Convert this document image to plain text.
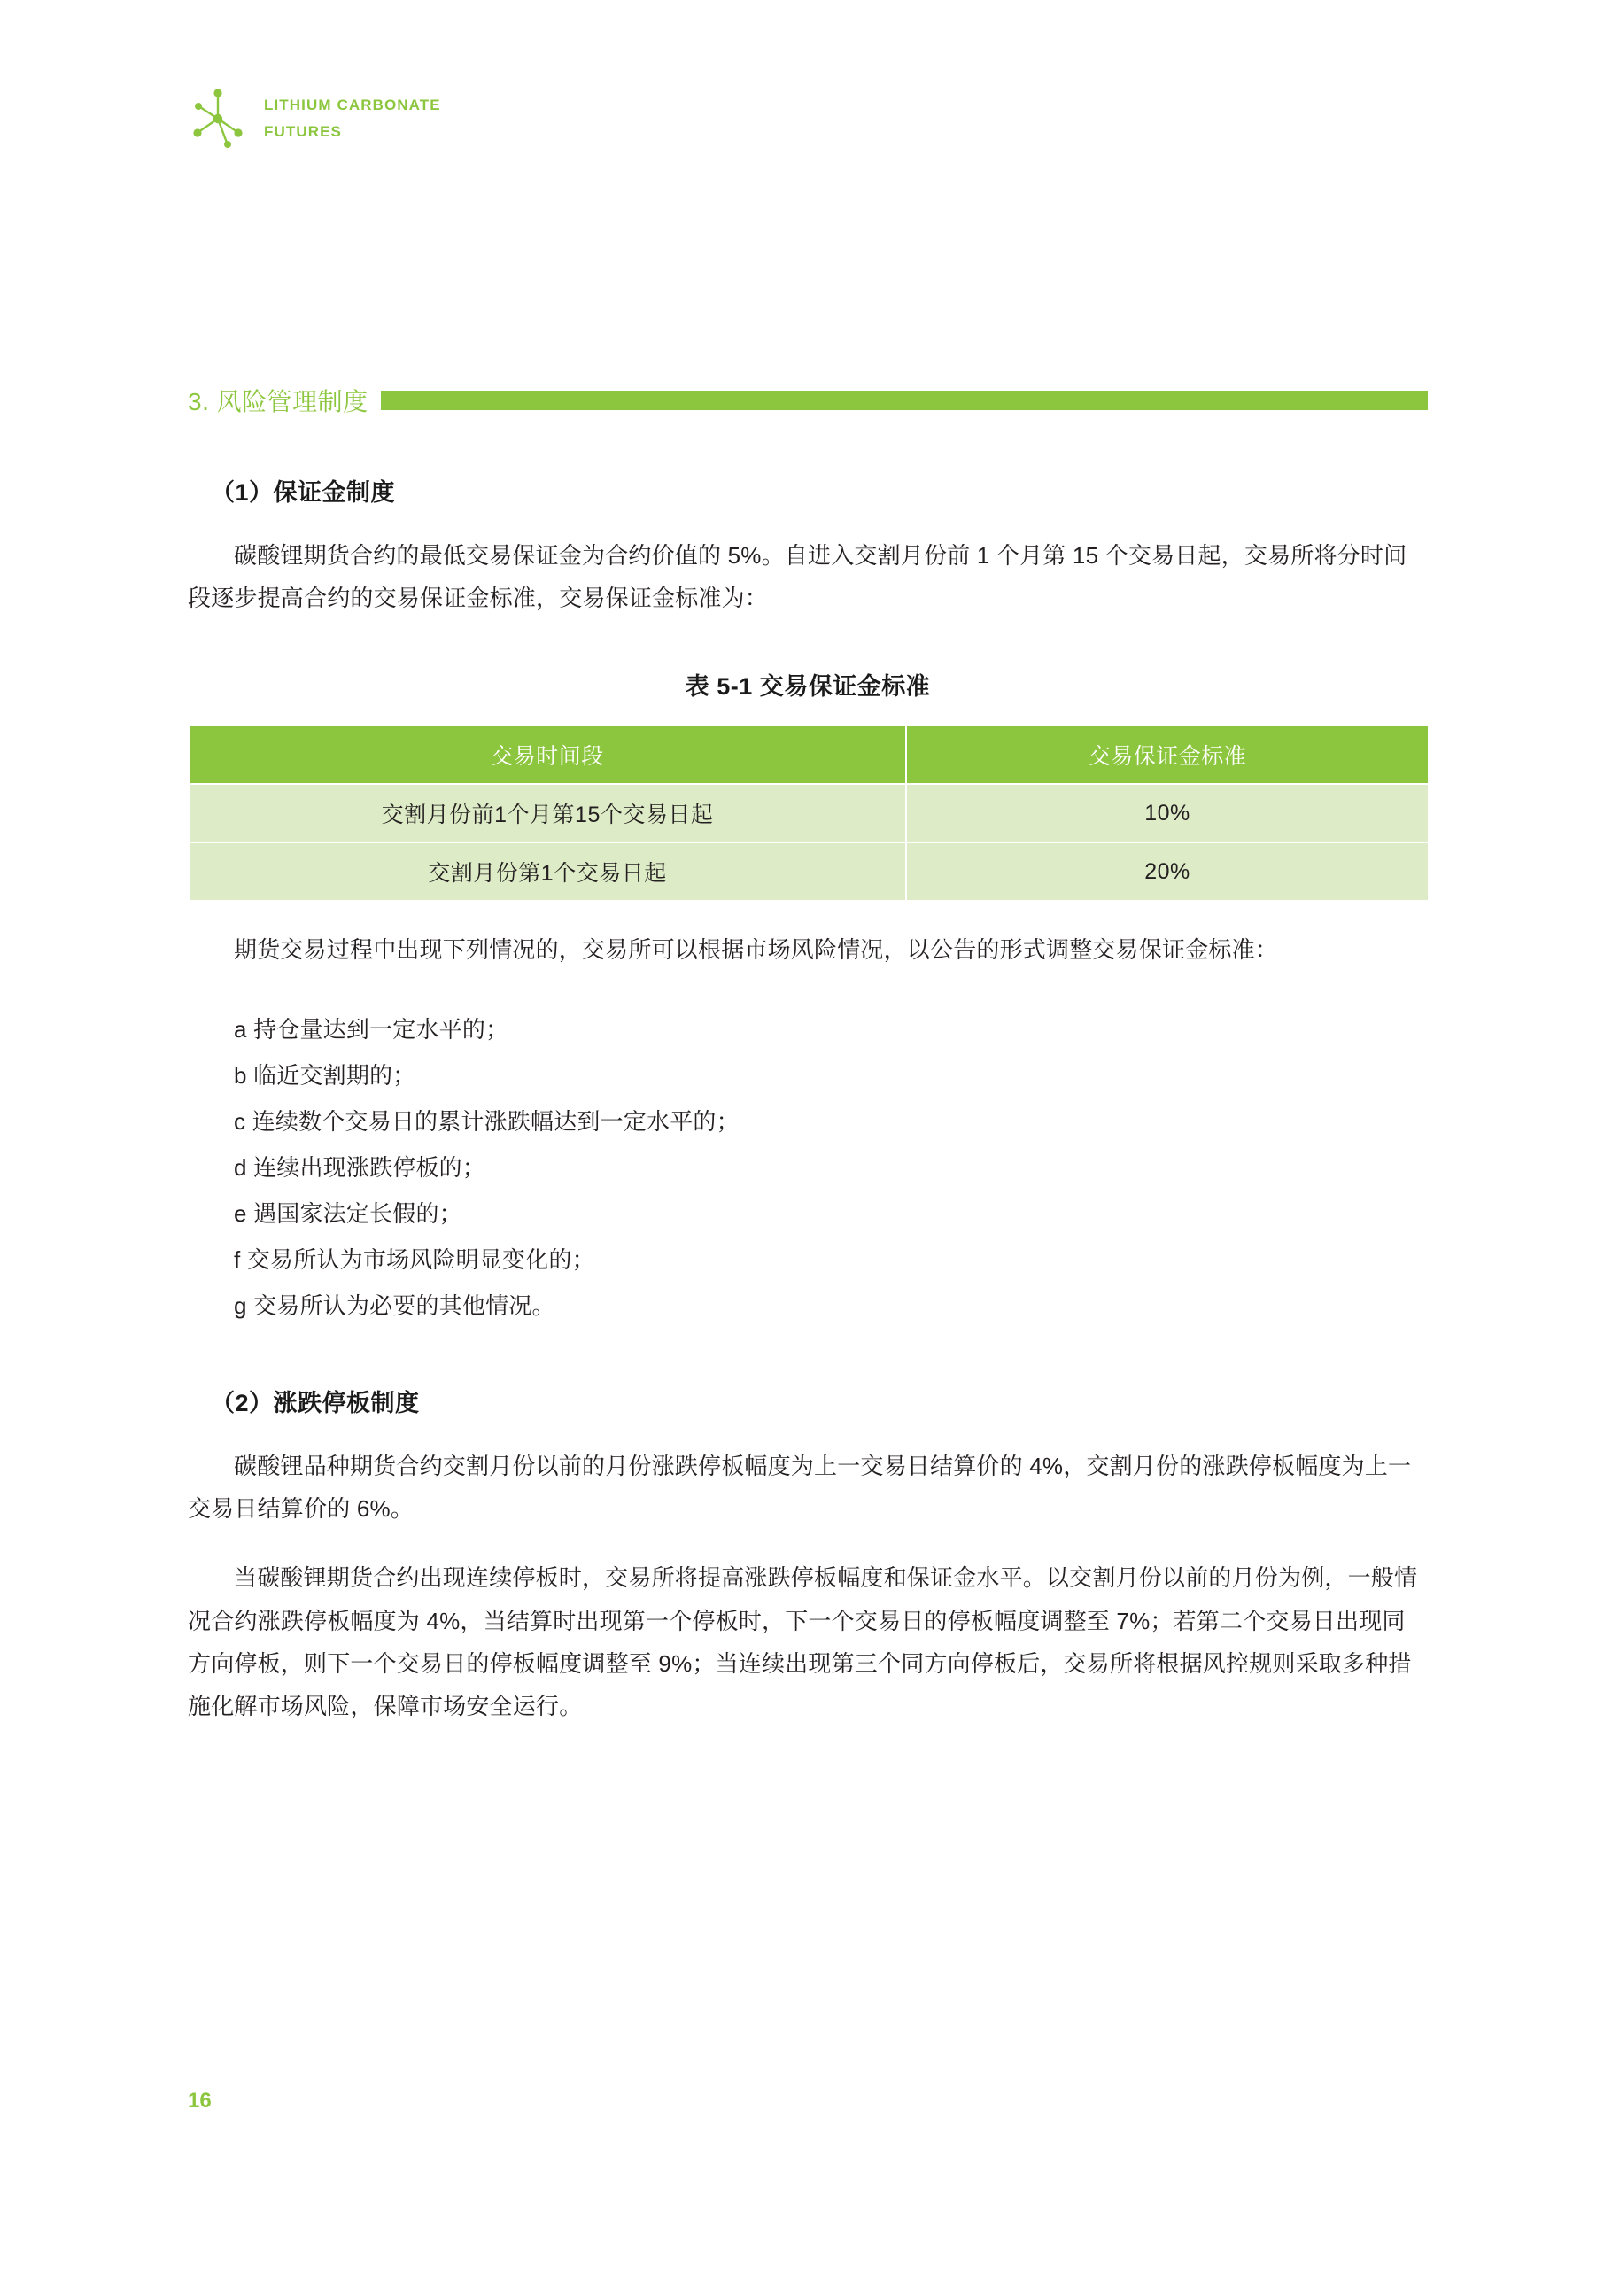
LITHIUM CARBONATE
FUTURES
3. 风险管理制度
（1）保证金制度

碳酸锂期货合约的最低交易保证金为合约价值的 5%。自进入交割月份前 1 个月第 15 个交易日起，交易所将分时间段逐步提高合约的交易保证金标准，交易保证金标准为：

表 5-1 交易保证金标准
交易时间段	交易保证金标准
交割月份前1个月第15个交易日起	10%
交割月份第1个交易日起	20%

期货交易过程中出现下列情况的，交易所可以根据市场风险情况，以公告的形式调整交易保证金标准：

a 持仓量达到一定水平的；
b 临近交割期的；
c 连续数个交易日的累计涨跌幅达到一定水平的；
d 连续出现涨跌停板的；
e 遇国家法定长假的；
f 交易所认为市场风险明显变化的；
g 交易所认为必要的其他情况。
（2）涨跌停板制度

碳酸锂品种期货合约交割月份以前的月份涨跌停板幅度为上一交易日结算价的 4%，交割月份的涨跌停板幅度为上一交易日结算价的 6%。

当碳酸锂期货合约出现连续停板时，交易所将提高涨跌停板幅度和保证金水平。以交割月份以前的月份为例，一般情况合约涨跌停板幅度为 4%，当结算时出现第一个停板时，下一个交易日的停板幅度调整至 7%；若第二个交易日出现同方向停板，则下一个交易日的停板幅度调整至 9%；当连续出现第三个同方向停板后，交易所将根据风控规则采取多种措施化解市场风险，保障市场安全运行。

16
